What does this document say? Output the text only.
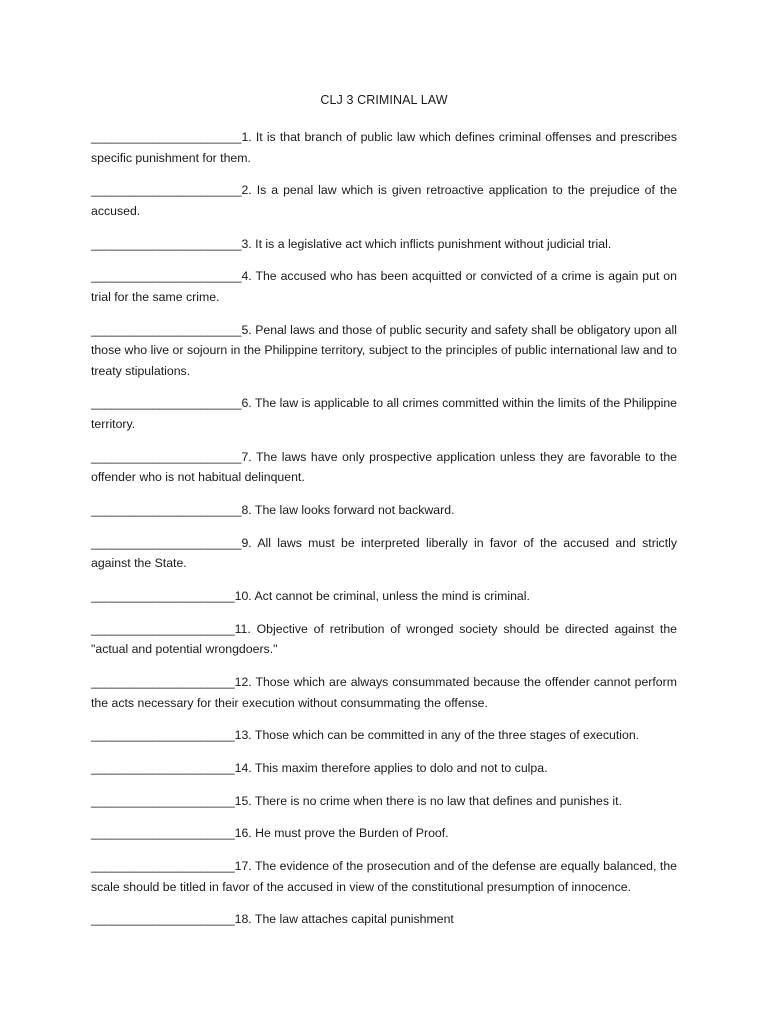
CLJ 3 CRIMINAL LAW

______________________1. It is that branch of public law which defines criminal offenses and prescribes specific punishment for them.

______________________2. Is a penal law which is given retroactive application to the prejudice of the accused.

______________________3. It is a legislative act which inflicts punishment without judicial trial.

______________________4. The accused who has been acquitted or convicted of a crime is again put on trial for the same crime.

______________________5. Penal laws and those of public security and safety shall be obligatory upon all those who live or sojourn in the Philippine territory, subject to the principles of public international law and to treaty stipulations.

______________________6. The law is applicable to all crimes committed within the limits of the Philippine territory.

______________________7. The laws have only prospective application unless they are favorable to the offender who is not habitual delinquent.

______________________8. The law looks forward not backward.

______________________9. All laws must be interpreted liberally in favor of the accused and strictly against the State.

_____________________10. Act cannot be criminal, unless the mind is criminal.

_____________________11. Objective of retribution of wronged society should be directed against the "actual and potential wrongdoers."

_____________________12. Those which are always consummated because the offender cannot perform the acts necessary for their execution without consummating the offense.

_____________________13. Those which can be committed in any of the three stages of execution.

_____________________14. This maxim therefore applies to dolo and not to culpa.

_____________________15. There is no crime when there is no law that defines and punishes it.

_____________________16. He must prove the Burden of Proof.

_____________________17. The evidence of the prosecution and of the defense are equally balanced, the scale should be titled in favor of the accused in view of the constitutional presumption of innocence.

_____________________18. The law attaches capital punishment
